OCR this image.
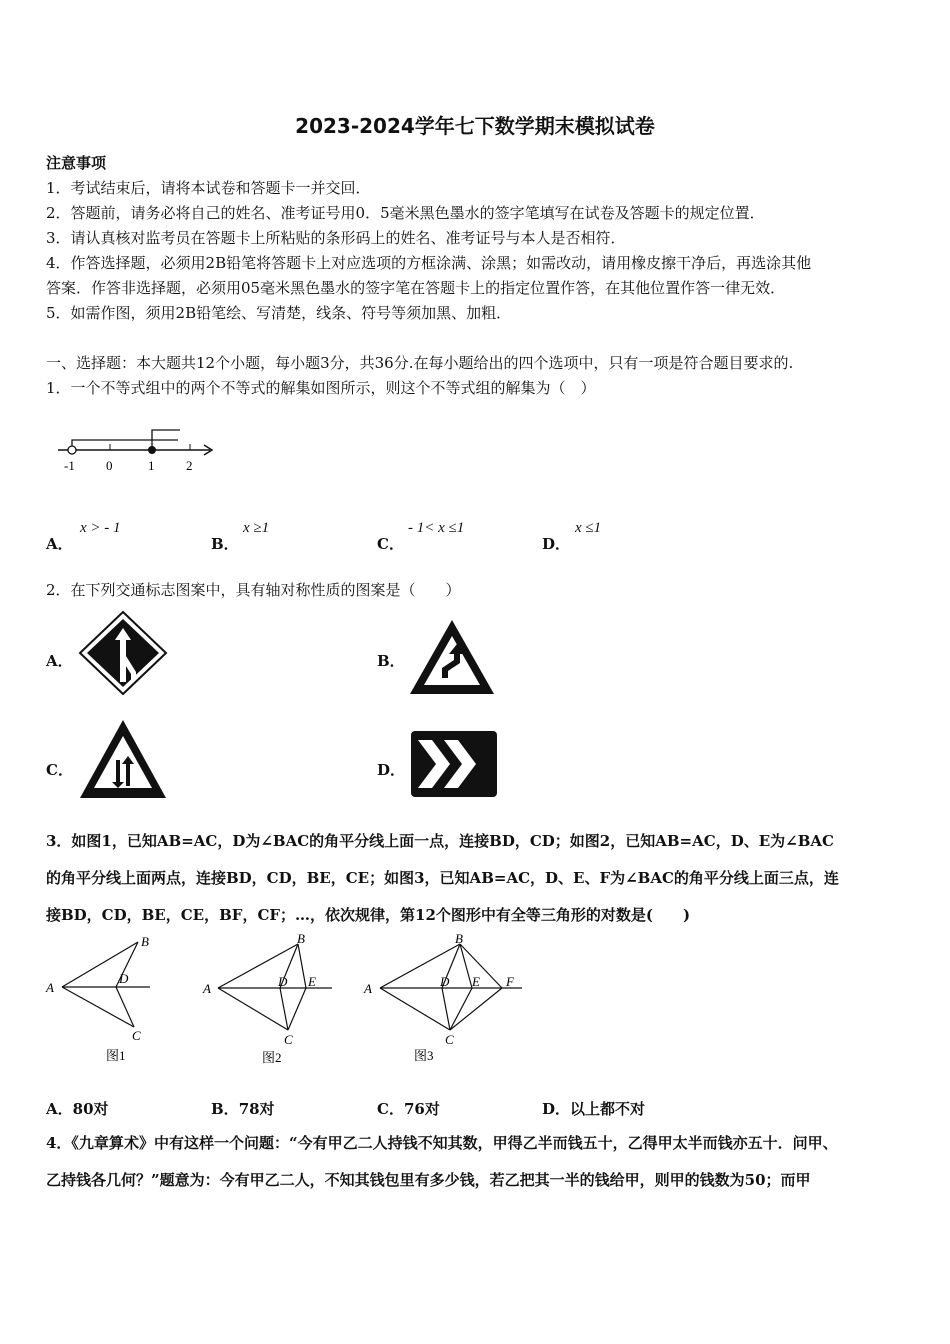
2023-2024学年七下数学期末模拟试卷
注意事项
1．考试结束后，请将本试卷和答题卡一并交回．
2．答题前，请务必将自己的姓名、准考证号用0．5毫米黑色墨水的签字笔填写在试卷及答题卡的规定位置．
3．请认真核对监考员在答题卡上所粘贴的条形码上的姓名、准考证号与本人是否相符．
4．作答选择题，必须用2B铅笔将答题卡上对应选项的方框涂满、涂黑；如需改动，请用橡皮擦干净后，再选涂其他
答案．作答非选择题，必须用05毫米黑色墨水的签字笔在答题卡上的指定位置作答，在其他位置作答一律无效．
5．如需作图，须用2B铅笔绘、写清楚，线条、符号等须加黑、加粗．
一、选择题：本大题共12个小题，每小题3分，共36分.在每小题给出的四个选项中，只有一项是符合题目要求的.
1．一个不等式组中的两个不等式的解集如图所示，则这个不等式组的解集为（　）
-1 0	1 2
A．
x > - 1
B．
x ≥1
C．
- 1< x ≤1
D．
x ≤1
2．在下列交通标志图案中，具有轴对称性质的图案是（　　）
A．	B．
C．	D．
3．如图1，已知AB=AC，D为∠BAC的角平分线上面一点，连接BD，CD；如图2，已知AB=AC，D、E为∠BAC
的角平分线上面两点，连接BD，CD，BE，CE；如图3，已知AB=AC，D、E、F为∠BAC的角平分线上面三点，连
接BD，CD，BE，CE，BF，CF；…，依次规律，第12个图形中有全等三角形的对数是(　　)
A
B
D
C
图1
A
B
D E
C
图2
A
B
D E F
C
图3
A．80对	B．78对	C．76对	D．以上都不对
4．《九章算术》中有这样一个问题：“今有甲乙二人持钱不知其数，甲得乙半而钱五十，乙得甲太半而钱亦五十．问甲、
乙持钱各几何？”题意为：今有甲乙二人，不知其钱包里有多少钱，若乙把其一半的钱给甲，则甲的钱数为50；而甲
